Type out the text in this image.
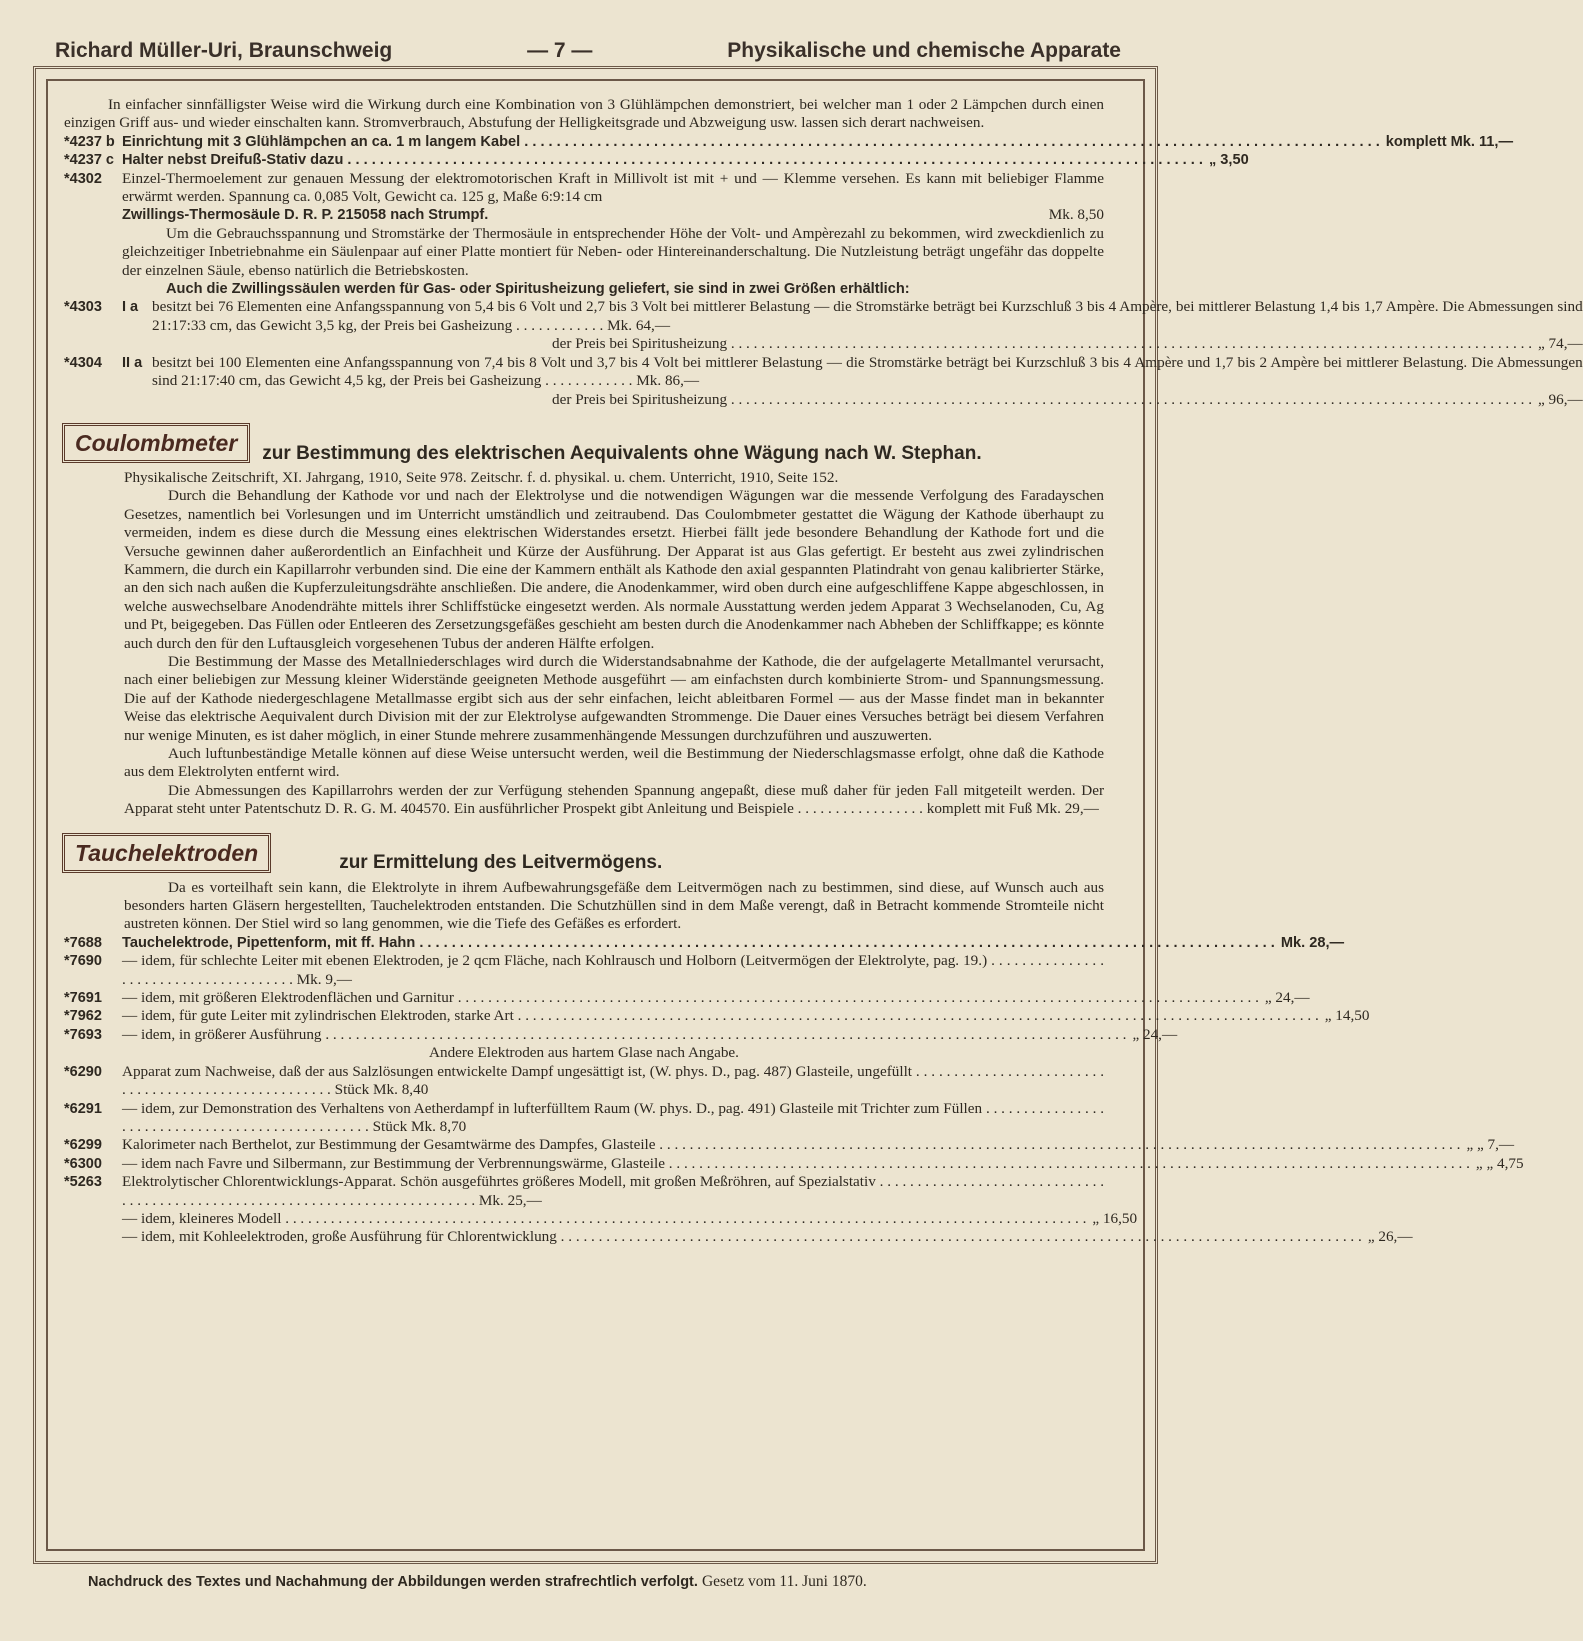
Richard Müller-Uri, Braunschweig	— 7 —	Physikalische und chemische Apparate

In einfacher sinnfälligster Weise wird die Wirkung durch eine Kombination von 3 Glühlämpchen demonstriert, bei welcher man 1 oder 2 Lämpchen durch einen einzigen Griff aus- und wieder einschalten kann. Stromverbrauch, Abstufung der Helligkeitsgrade und Abzweigung usw. lassen sich derart nachweisen.

*4237 b Einrichtung mit 3 Glühlämpchen an ca. 1 m langem Kabel . . .	komplett Mk. 11,—
*4237 c Halter nebst Dreifuß-Stativ dazu . . .	„ 3,50
*4302	Einzel-Thermoelement zur genauen Messung der elektromotorischen Kraft in Millivolt ist mit + und — Klemme versehen. Es kann mit beliebiger Flamme erwärmt werden. Spannung ca. 0,085 Volt, Gewicht ca. 125 g, Maße 6:9:14 cm

Zwillings-Thermosäule D. R. P. 215058 nach Strumpf.	Mk. 8,50

Um die Gebrauchsspannung und Stromstärke der Thermosäule in entsprechender Höhe der Volt- und Ampèrezahl zu bekommen, wird zweckdienlich zu gleichzeitiger Inbetriebnahme ein Säulenpaar auf einer Platte montiert für Neben- oder Hintereinanderschaltung. Die Nutzleistung beträgt ungefähr das doppelte der einzelnen Säule, ebenso natürlich die Betriebskosten.

Auch die Zwillingssäulen werden für Gas- oder Spiritusheizung geliefert, sie sind in zwei Größen erhältlich:

*4303	I a besitzt bei 76 Elementen eine Anfangsspannung von 5,4 bis 6 Volt und 2,7 bis 3 Volt bei mittlerer Belastung — die Stromstärke beträgt bei Kurzschluß 3 bis 4 Ampère, bei mittlerer Belastung 1,4 bis 1,7 Ampère. Die Abmessungen sind 21:17:33 cm, das Gewicht 3,5 kg, der Preis bei Gasheizung . . . . . . . . . . . . Mk. 64,—

der Preis bei Spiritusheizung . . .	„ 74,—
*4304	II a besitzt bei 100 Elementen eine Anfangsspannung von 7,4 bis 8 Volt und 3,7 bis 4 Volt bei mittlerer Belastung — die Stromstärke beträgt bei Kurzschluß 3 bis 4 Ampère und 1,7 bis 2 Ampère bei mittlerer Belastung. Die Abmessungen sind 21:17:40 cm, das Gewicht 4,5 kg, der Preis bei Gasheizung . . . . . . . . . . . . Mk. 86,—

der Preis bei Spiritusheizung . . .	„ 96,—
Coulombmeter	zur Bestimmung des elektrischen Aequivalents ohne Wägung nach W. Stephan.

Physikalische Zeitschrift, XI. Jahrgang, 1910, Seite 978. Zeitschr. f. d. physikal. u. chem. Unterricht, 1910, Seite 152.

Durch die Behandlung der Kathode vor und nach der Elektrolyse und die notwendigen Wägungen war die messende Verfolgung des Faradayschen Gesetzes, namentlich bei Vorlesungen und im Unterricht umständlich und zeitraubend. Das Coulombmeter gestattet die Wägung der Kathode überhaupt zu vermeiden, indem es diese durch die Messung eines elektrischen Widerstandes ersetzt. Hierbei fällt jede besondere Behandlung der Kathode fort und die Versuche gewinnen daher außerordentlich an Einfachheit und Kürze der Ausführung. Der Apparat ist aus Glas gefertigt. Er besteht aus zwei zylindrischen Kammern, die durch ein Kapillarrohr verbunden sind. Die eine der Kammern enthält als Kathode den axial gespannten Platindraht von genau kalibrierter Stärke, an den sich nach außen die Kupferzuleitungsdrähte anschließen. Die andere, die Anodenkammer, wird oben durch eine aufgeschliffene Kappe abgeschlossen, in welche auswechselbare Anodendrähte mittels ihrer Schliffstücke eingesetzt werden. Als normale Ausstattung werden jedem Apparat 3 Wechselanoden, Cu, Ag und Pt, beigegeben. Das Füllen oder Entleeren des Zersetzungsgefäßes geschieht am besten durch die Anodenkammer nach Abheben der Schliffkappe; es könnte auch durch den für den Luftausgleich vorgesehenen Tubus der anderen Hälfte erfolgen.

Die Bestimmung der Masse des Metallniederschlages wird durch die Widerstandsabnahme der Kathode, die der aufgelagerte Metallmantel verursacht, nach einer beliebigen zur Messung kleiner Widerstände geeigneten Methode ausgeführt — am einfachsten durch kombinierte Strom- und Spannungsmessung. Die auf der Kathode niedergeschlagene Metallmasse ergibt sich aus der sehr einfachen, leicht ableitbaren Formel — aus der Masse findet man in bekannter Weise das elektrische Aequivalent durch Division mit der zur Elektrolyse aufgewandten Strommenge. Die Dauer eines Versuches beträgt bei diesem Verfahren nur wenige Minuten, es ist daher möglich, in einer Stunde mehrere zusammenhängende Messungen durchzuführen und auszuwerten.

Auch luftunbeständige Metalle können auf diese Weise untersucht werden, weil die Bestimmung der Niederschlagsmasse erfolgt, ohne daß die Kathode aus dem Elektrolyten entfernt wird.

Die Abmessungen des Kapillarrohrs werden der zur Verfügung stehenden Spannung angepaßt, diese muß daher für jeden Fall mitgeteilt werden. Der Apparat steht unter Patentschutz D. R. G. M. 404570. Ein ausführlicher Prospekt gibt Anleitung und Beispiele . . . . . . . . . . . . . . . . . komplett mit Fuß Mk. 29,—

Tauchelektroden	zur Ermittelung des Leitvermögens.

Da es vorteilhaft sein kann, die Elektrolyte in ihrem Aufbewahrungsgefäße dem Leitvermögen nach zu bestimmen, sind diese, auf Wunsch auch aus besonders harten Gläsern hergestellten, Tauchelektroden entstanden. Die Schutzhüllen sind in dem Maße verengt, daß in Betracht kommende Stromteile nicht austreten können. Der Stiel wird so lang genommen, wie die Tiefe des Gefäßes es erfordert.

*7688	Tauchelektrode, Pipettenform, mit ff. Hahn . . .	Mk. 28,—
*7690	— idem, für schlechte Leiter mit ebenen Elektroden, je 2 qcm Fläche, nach Kohlrausch und Holborn (Leitvermögen der Elektrolyte, pag. 19.) . . . . . . . . . . . . . . . . . . . . . . . . . . . . . . . . . . . . . . Mk. 9,—

*7691	— idem, mit größeren Elektrodenflächen und Garnitur . . .	„ 24,—
*7962	— idem, für gute Leiter mit zylindrischen Elektroden, starke Art . . .	„ 14,50
*7693	— idem, in größerer Ausführung . . .	„ 24,—

Andere Elektroden aus hartem Glase nach Angabe.

*6290	Apparat zum Nachweise, daß der aus Salzlösungen entwickelte Dampf ungesättigt ist, (W. phys. D., pag. 487) Glasteile, ungefüllt . . . . . . . . . . . . . . . . . . . . . . . . . . . . . . . . . . . . . . . . . . . . . . . . . . . . . Stück Mk. 8,40

*6291	— idem, zur Demonstration des Verhaltens von Aetherdampf in lufterfülltem Raum (W. phys. D., pag. 491) Glasteile mit Trichter zum Füllen . . . . . . . . . . . . . . . . . . . . . . . . . . . . . . . . . . . . . . . . . . . . . . . . . Stück Mk. 8,70

*6299	Kalorimeter nach Berthelot, zur Bestimmung der Gesamtwärme des Dampfes, Glasteile . . .	„ „ 7,—
*6300	— idem nach Favre und Silbermann, zur Bestimmung der Verbrennungswärme, Glasteile . . .	„ „ 4,75
*5263	Elektrolytischer Chlorentwicklungs-Apparat. Schön ausgeführtes größeres Modell, mit großen Meßröhren, auf Spezialstativ . . . . . . . . . . . . . . . . . . . . . . . . . . . . . . . . . . . . . . . . . . . . . . . . . . . . . . . . . . . . . . . . . . . . . . . . . . . . . Mk. 25,—

— idem, kleineres Modell . . .	„ 16,50
— idem, mit Kohleelektroden, große Ausführung für Chlorentwicklung . . .	„ 26,—
Nachdruck des Textes und Nachahmung der Abbildungen werden strafrechtlich verfolgt. Gesetz vom 11. Juni 1870.
